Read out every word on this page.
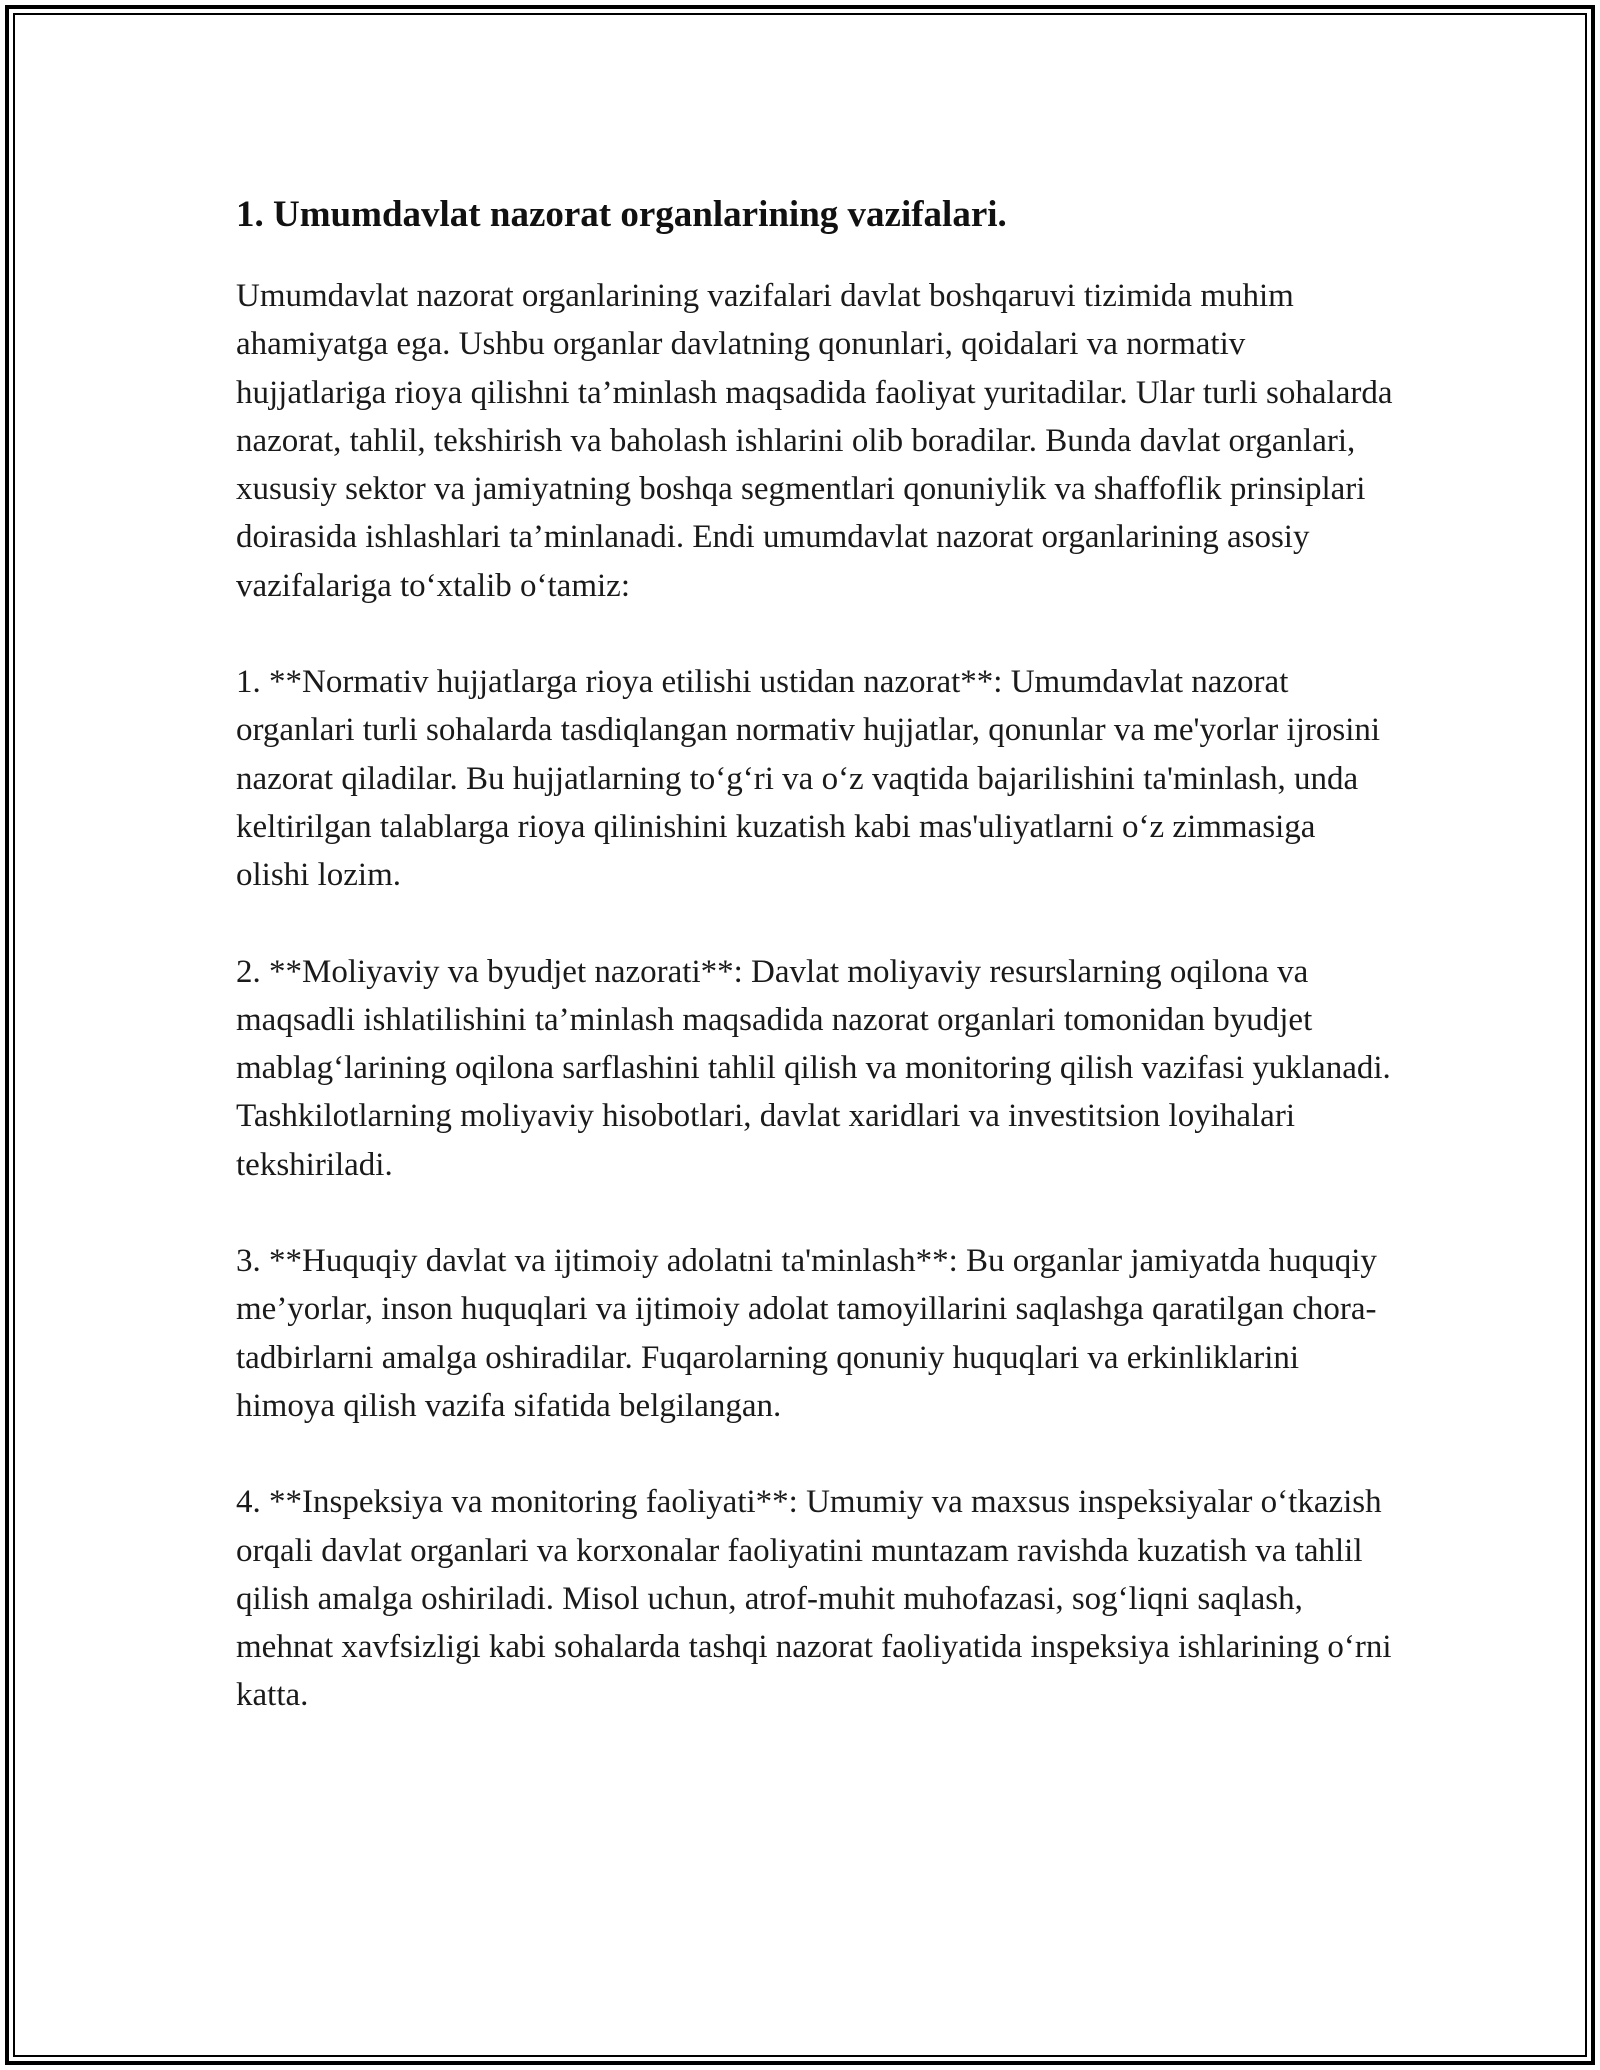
1. Umumdavlat nazorat organlarining vazifalari.

Umumdavlat nazorat organlarining vazifalari davlat boshqaruvi tizimida muhim ahamiyatga ega. Ushbu organlar davlatning qonunlari, qoidalari va normativ hujjatlariga rioya qilishni ta’minlash maqsadida faoliyat yuritadilar. Ular turli sohalarda nazorat, tahlil, tekshirish va baholash ishlarini olib boradilar. Bunda davlat organlari, xususiy sektor va jamiyatning boshqa segmentlari qonuniylik va shaffoflik prinsiplari doirasida ishlashlari ta’minlanadi. Endi umumdavlat nazorat organlarining asosiy vazifalariga to‘xtalib o‘tamiz:

1. **Normativ hujjatlarga rioya etilishi ustidan nazorat**: Umumdavlat nazorat organlari turli sohalarda tasdiqlangan normativ hujjatlar, qonunlar va me'yorlar ijrosini nazorat qiladilar. Bu hujjatlarning to‘g‘ri va o‘z vaqtida bajarilishini ta'minlash, unda keltirilgan talablarga rioya qilinishini kuzatish kabi mas'uliyatlarni o‘z zimmasiga olishi lozim.

2. **Moliyaviy va byudjet nazorati**: Davlat moliyaviy resurslarning oqilona va maqsadli ishlatilishini ta’minlash maqsadida nazorat organlari tomonidan byudjet mablag‘larining oqilona sarflashini tahlil qilish va monitoring qilish vazifasi yuklanadi. Tashkilotlarning moliyaviy hisobotlari, davlat xaridlari va investitsion loyihalari tekshiriladi.

3. **Huquqiy davlat va ijtimoiy adolatni ta'minlash**: Bu organlar jamiyatda huquqiy me’yorlar, inson huquqlari va ijtimoiy adolat tamoyillarini saqlashga qaratilgan chora-tadbirlarni amalga oshiradilar. Fuqarolarning qonuniy huquqlari va erkinliklarini himoya qilish vazifa sifatida belgilangan.

4. **Inspeksiya va monitoring faoliyati**: Umumiy va maxsus inspeksiyalar o‘tkazish orqali davlat organlari va korxonalar faoliyatini muntazam ravishda kuzatish va tahlil qilish amalga oshiriladi. Misol uchun, atrof-muhit muhofazasi, sog‘liqni saqlash, mehnat xavfsizligi kabi sohalarda tashqi nazorat faoliyatida inspeksiya ishlarining o‘rni katta.
